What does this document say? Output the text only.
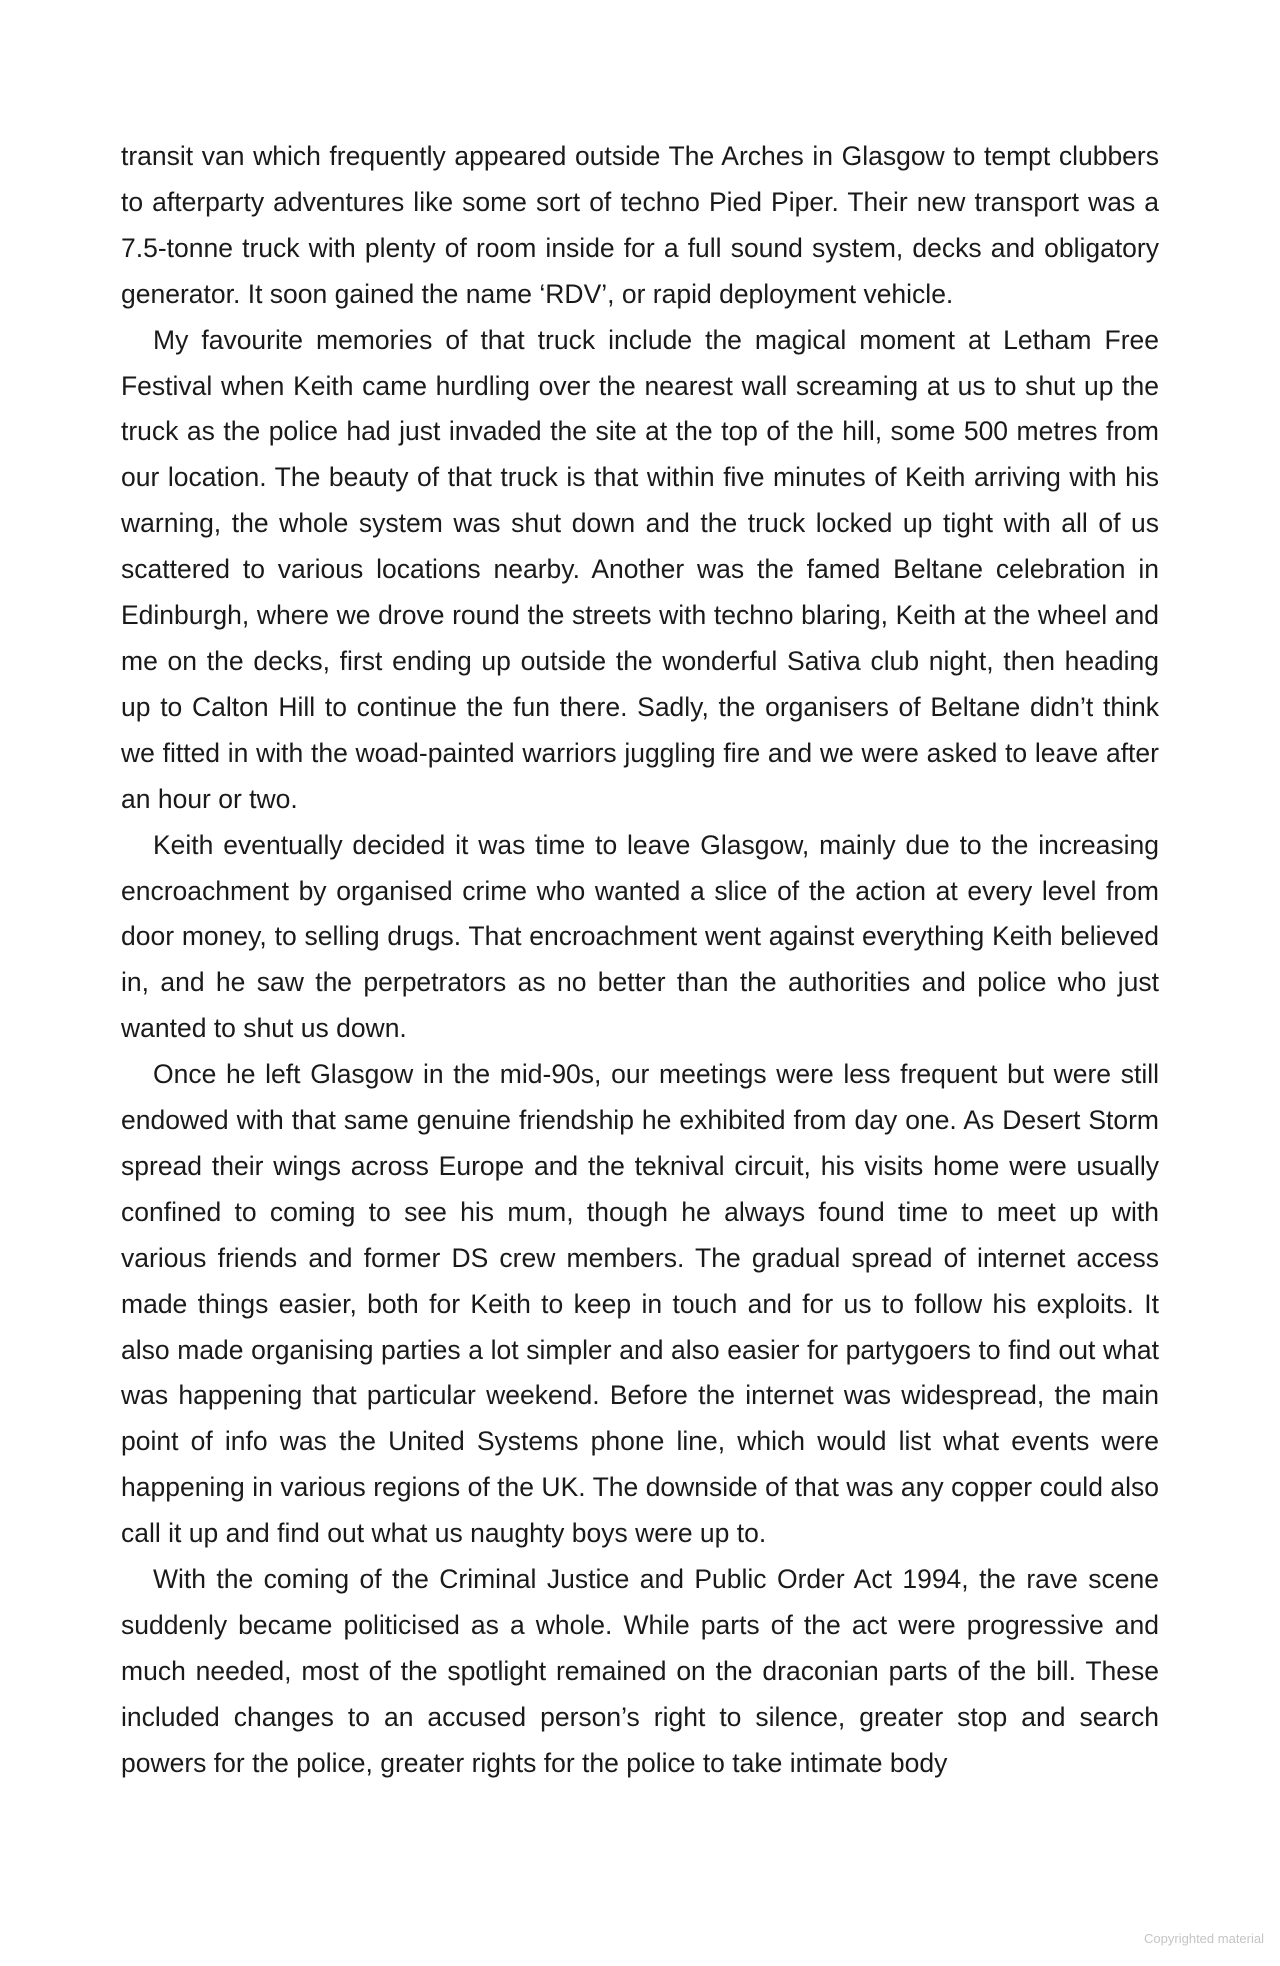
transit van which frequently appeared outside The Arches in Glasgow to tempt clubbers to afterparty adventures like some sort of techno Pied Piper. Their new transport was a 7.5-tonne truck with plenty of room inside for a full sound system, decks and obligatory generator. It soon gained the name ‘RDV’, or rapid deployment vehicle.

My favourite memories of that truck include the magical moment at Letham Free Festival when Keith came hurdling over the nearest wall screaming at us to shut up the truck as the police had just invaded the site at the top of the hill, some 500 metres from our location. The beauty of that truck is that within five minutes of Keith arriving with his warning, the whole system was shut down and the truck locked up tight with all of us scattered to various locations nearby. Another was the famed Beltane celebration in Edinburgh, where we drove round the streets with techno blaring, Keith at the wheel and me on the decks, first ending up outside the wonderful Sativa club night, then heading up to Calton Hill to continue the fun there. Sadly, the organisers of Beltane didn’t think we fitted in with the woad-painted warriors juggling fire and we were asked to leave after an hour or two.

Keith eventually decided it was time to leave Glasgow, mainly due to the increasing encroachment by organised crime who wanted a slice of the action at every level from door money, to selling drugs. That encroachment went against everything Keith believed in, and he saw the perpetrators as no better than the authorities and police who just wanted to shut us down.

Once he left Glasgow in the mid-90s, our meetings were less frequent but were still endowed with that same genuine friendship he exhibited from day one. As Desert Storm spread their wings across Europe and the teknival circuit, his visits home were usually confined to coming to see his mum, though he always found time to meet up with various friends and former DS crew members. The gradual spread of internet access made things easier, both for Keith to keep in touch and for us to follow his exploits. It also made organising parties a lot simpler and also easier for partygoers to find out what was happening that particular weekend. Before the internet was widespread, the main point of info was the United Systems phone line, which would list what events were happening in various regions of the UK. The downside of that was any copper could also call it up and find out what us naughty boys were up to.

With the coming of the Criminal Justice and Public Order Act 1994, the rave scene suddenly became politicised as a whole. While parts of the act were progressive and much needed, most of the spotlight remained on the draconian parts of the bill. These included changes to an accused person’s right to silence, greater stop and search powers for the police, greater rights for the police to take intimate body

Copyrighted material
